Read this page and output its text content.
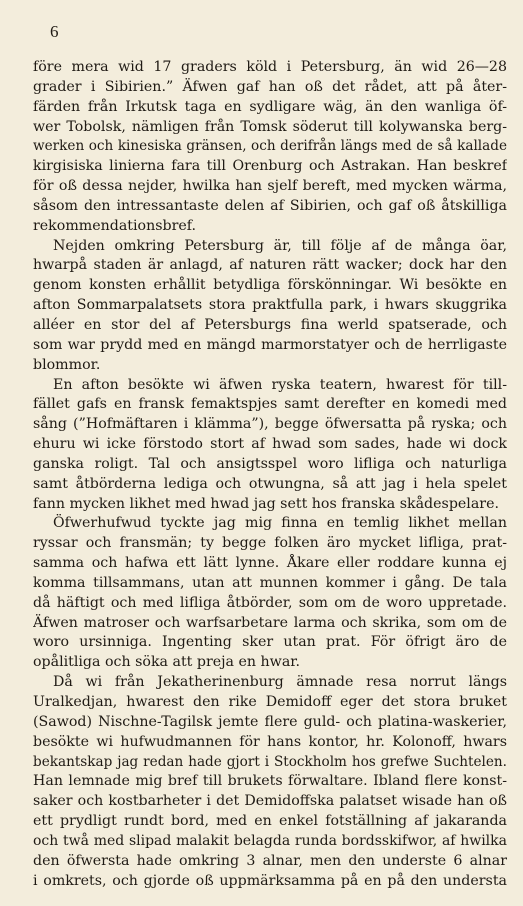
6
före mera wid 17 graders köld i Petersburg, än wid 26—28
grader i Sibirien.” Äfwen gaf han oß det rådet, att på åter-
färden från Irkutsk taga en sydligare wäg, än den wanliga öf-
wer Tobolsk, nämligen från Tomsk söderut till kolywanska berg-
werken och kinesiska gränsen, och derifrån längs med de så kallade
kirgisiska linierna fara till Orenburg och Astrakan. Han beskref
för oß dessa nejder, hwilka han sjelf bereft, med mycken wärma,
såsom den intressantaste delen af Sibirien, och gaf oß åtskilliga
rekommendationsbref.
Nejden omkring Petersburg är, till följe af de många öar,
hwarpå staden är anlagd, af naturen rätt wacker; dock har den
genom konsten erhållit betydliga förskönningar. Wi besökte en
afton Sommarpalatsets stora praktfulla park, i hwars skuggrika
alléer en stor del af Petersburgs fina werld spatserade, och
som war prydd med en mängd marmorstatyer och de herrligaste
blommor.
En afton besökte wi äfwen ryska teatern, hwarest för till-
fället gafs en fransk femaktspjes samt derefter en komedi med
sång (”Hofmäftaren i klämma”), begge öfwersatta på ryska; och
ehuru wi icke förstodo stort af hwad som sades, hade wi dock
ganska roligt. Tal och ansigtsspel woro lifliga och naturliga
samt åtbörderna ledigа och otwungna, så att jag i hela spelet
fann mycken likhet med hwad jag sett hos franska skådespelare.
Öfwerhufwud tyckte jag mig finna en temlig likhet mellan
ryssar och fransmän; ty begge folken äro mycket lifliga, prat-
samma och hafwa ett lätt lynne. Åkare eller roddare kunna ej
komma tillsammans, utan att munnen kommer i gång. De tala
då häftigt och med lifliga åtbörder, som om de woro uppretade.
Äfwen matroser och warfsarbetare larma och skrika, som om de
woro ursinniga. Ingenting sker utan prat. För öfrigt äro de
opålitliga och söka att preja en hwar.
Då wi från Jekatherinenburg ämnade resa norrut längs
Uralkedjan, hwarest den rike Demidoff eger det stora bruket
(Sawod) Nischne-Tagilsk jemte flere guld- och platina-waskerier,
besökte wi hufwudmannen för hans kontor, hr. Kolonoff, hwars
bekantskap jag redan hade gjort i Stockholm hos grefwe Suchtelen.
Han lemnade mig bref till brukets förwaltare. Ibland flere konst-
saker och kostbarheter i det Demidoffska palatset wisade han oß
ett prydligt rundt bord, med en enkel fotställning af jakaranda
och twå med slipad malakit belagda runda bordsskifwor, af hwilka
den öfwersta hade omkring 3 alnar, men den underste 6 alnar
i omkrets, och gjorde oß uppmärksamma på en på den understa
